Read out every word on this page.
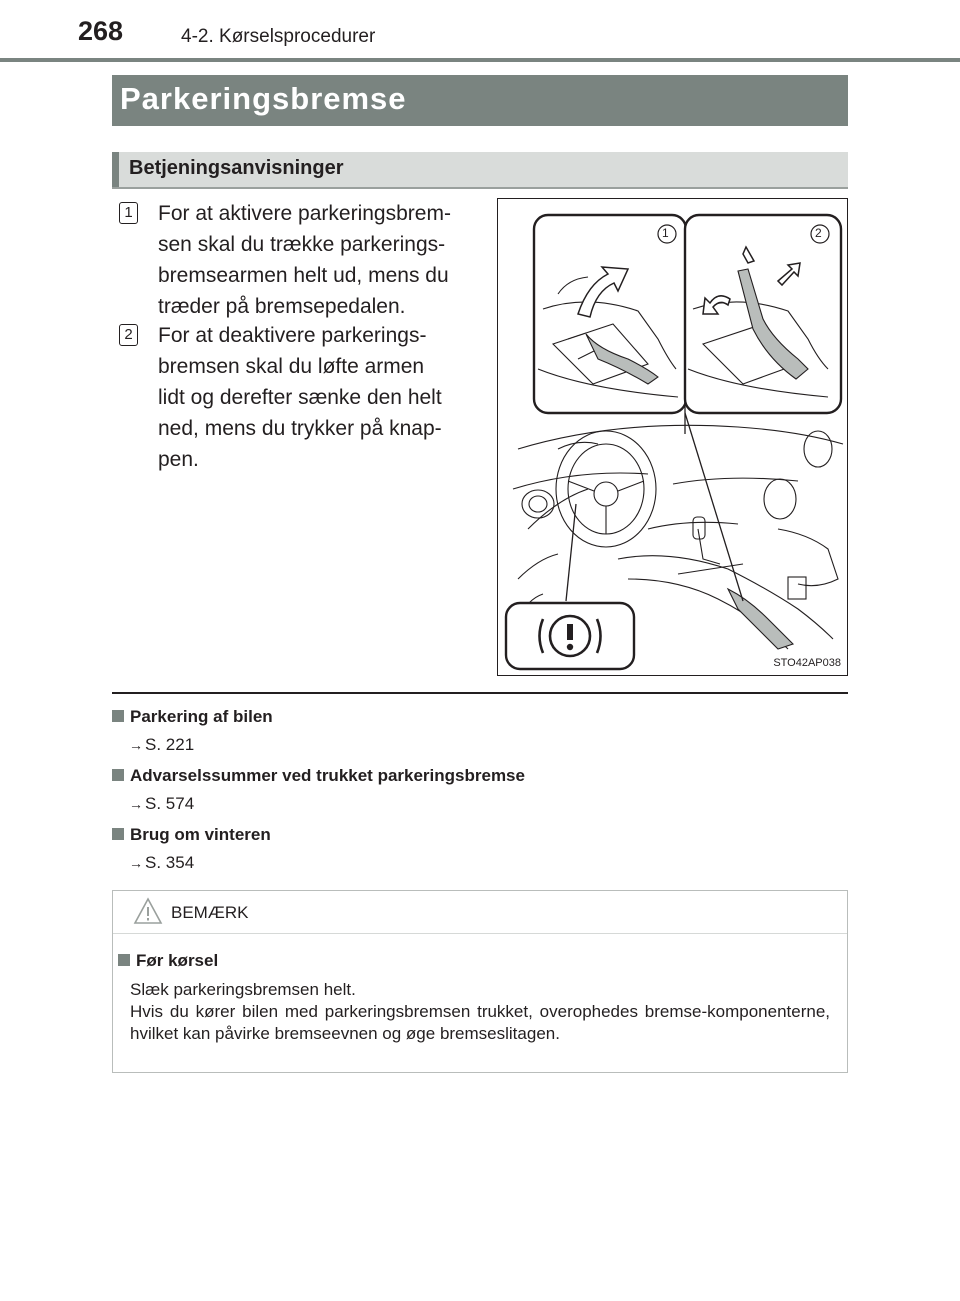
268	4-2. Kørselsprocedurer
Parkeringsbremse
Betjeningsanvisninger
1 For at aktivere parkeringsbrem-
sen skal du trække parkerings-
bremsearmen helt ud, mens du
træder på bremsepedalen.
2 For at deaktivere parkerings-
bremsen skal du løfte armen
lidt og derefter sænke den helt
ned, mens du trykker på knap-
pen.
1	2
STO42AP038
Parkering af bilen
→ S. 221
Advarselssummer ved trukket parkeringsbremse
→ S. 574
Brug om vinteren
→ S. 354
BEMÆRK
Før kørsel
Slæk parkeringsbremsen helt.
Hvis du kører bilen med parkeringsbremsen trukket, overophedes bremse-komponenterne, hvilket kan påvirke bremseevnen og øge bremseslitagen.
